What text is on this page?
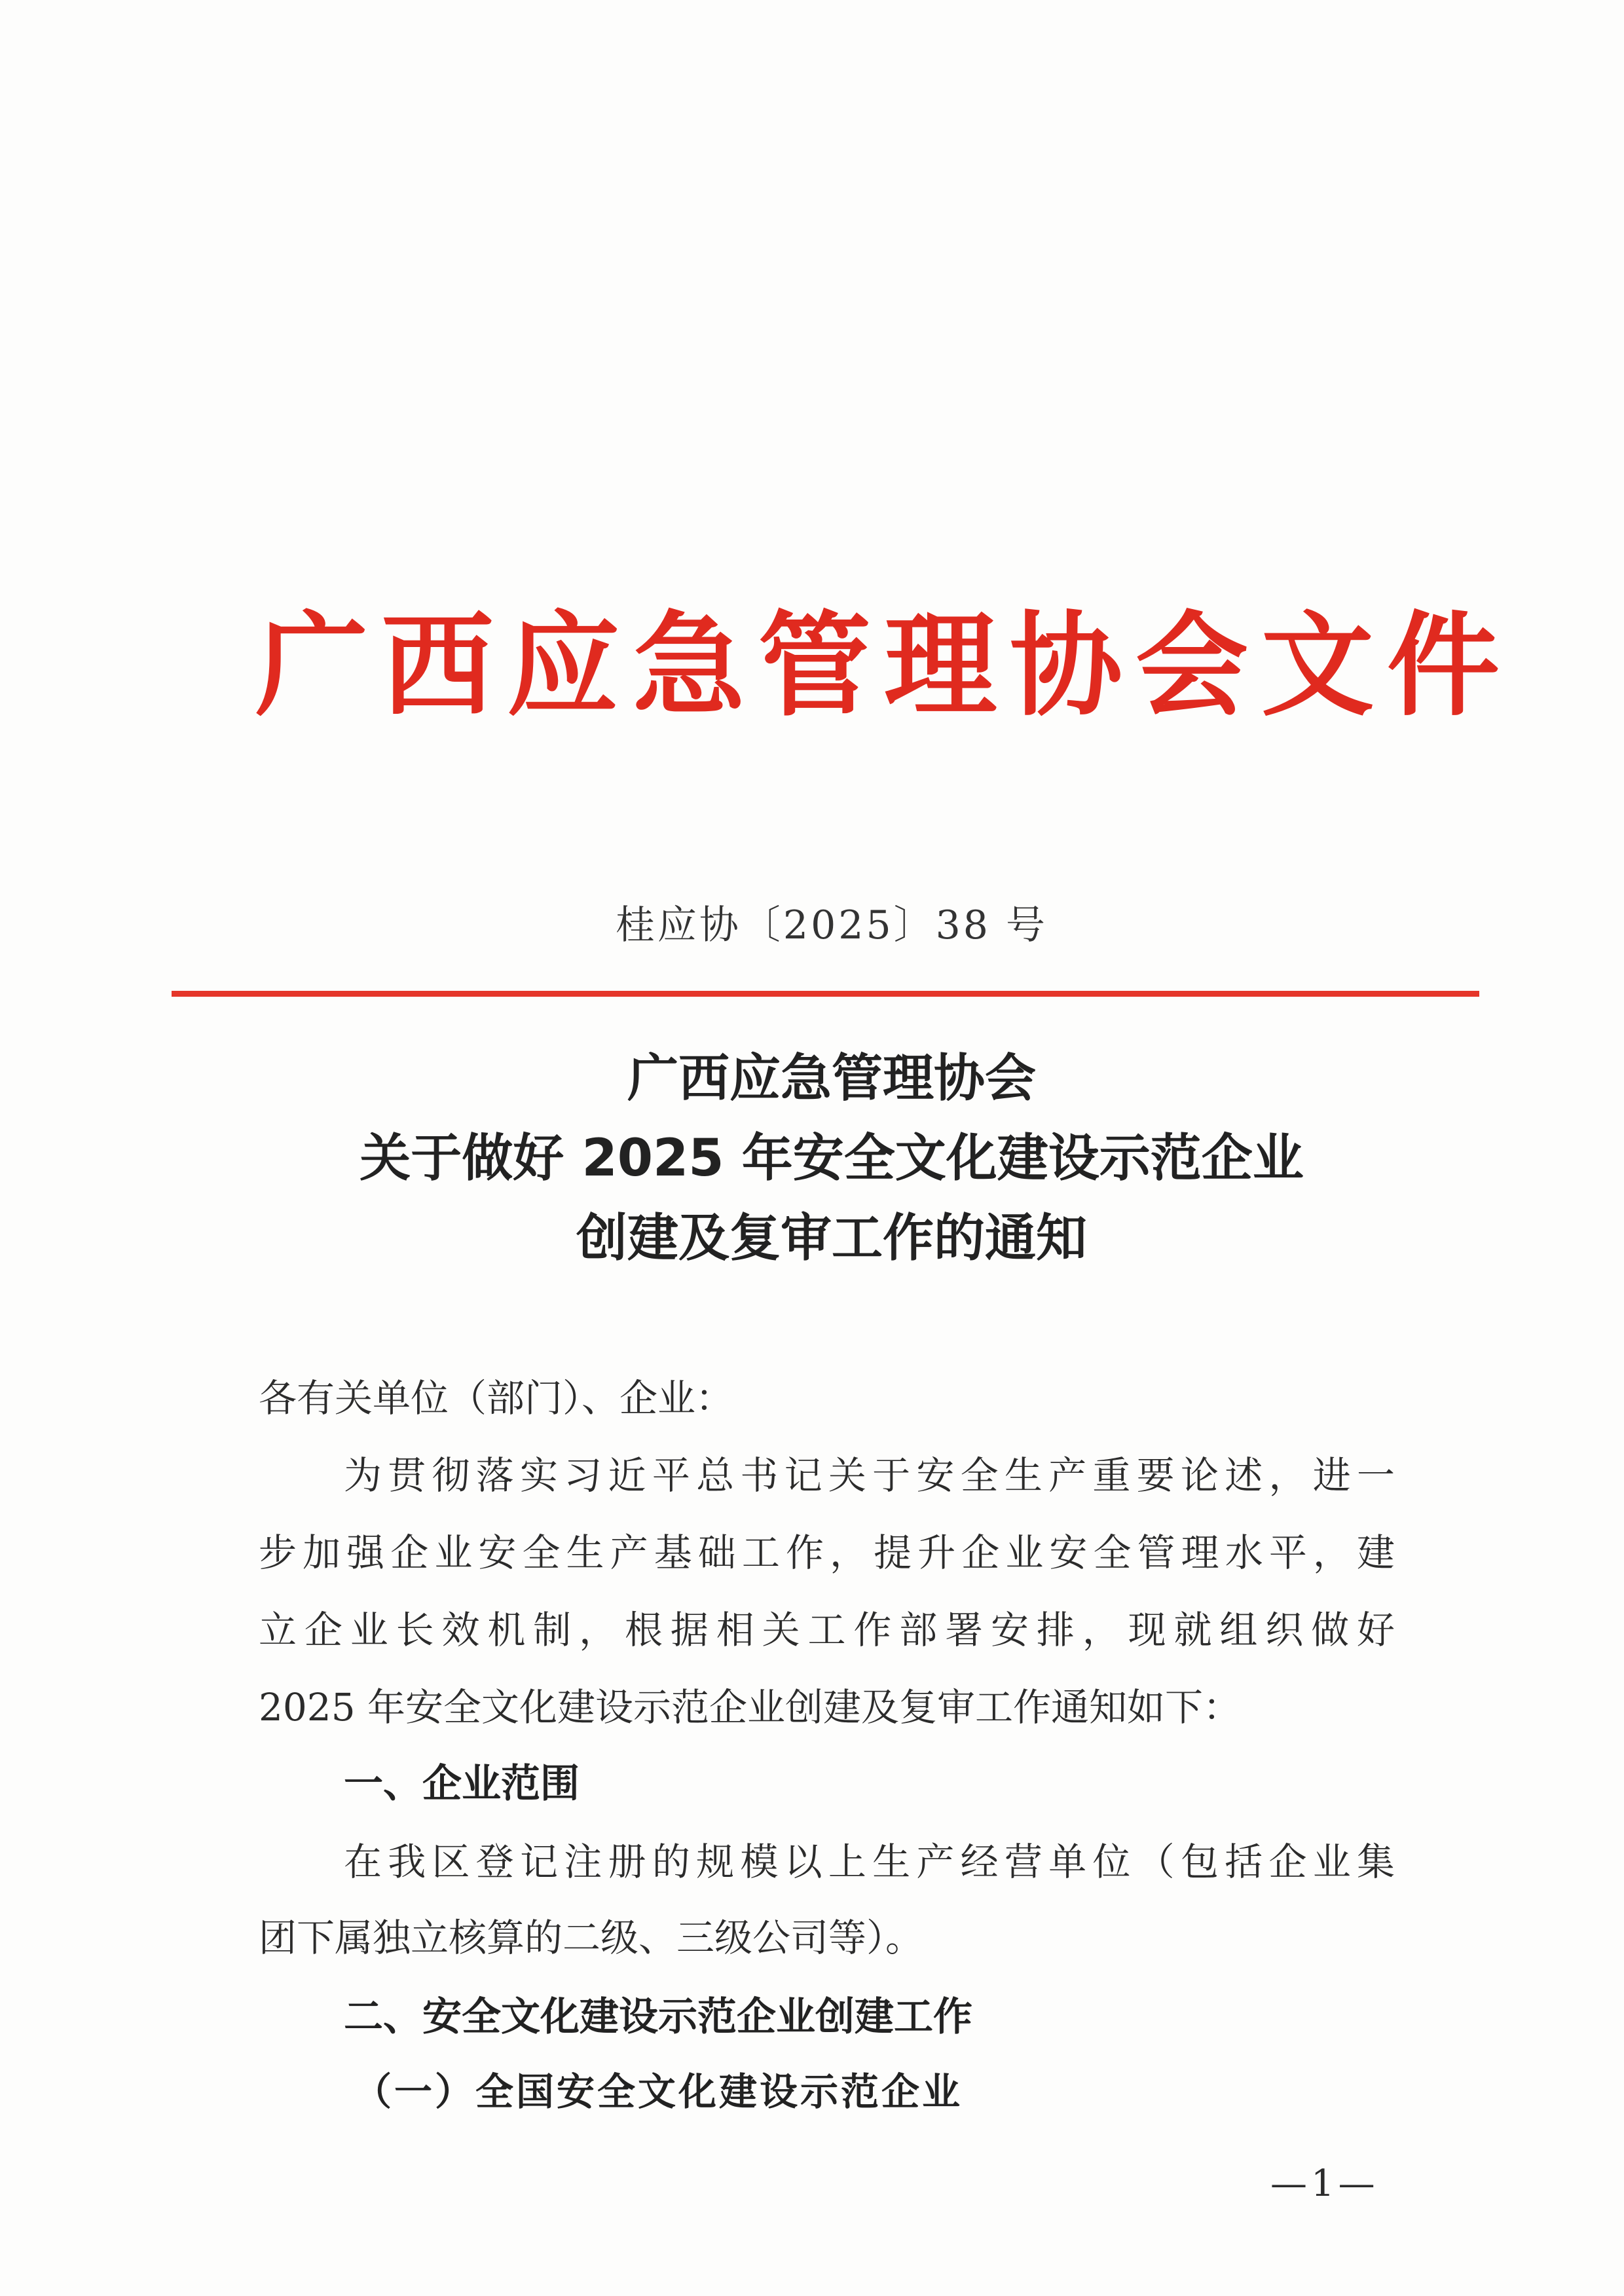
广西应急管理协会文件
桂应协〔2025〕38 号
广西应急管理协会
关于做好 2025 年安全文化建设示范企业
创建及复审工作的通知
各有关单位（部门）、企业：
为贯彻落实习近平总书记关于安全生产重要论述，进一
步加强企业安全生产基础工作，提升企业安全管理水平，建
立企业长效机制，根据相关工作部署安排，现就组织做好
2025 年安全文化建设示范企业创建及复审工作通知如下：
一、企业范围
在我区登记注册的规模以上生产经营单位（包括企业集
团下属独立核算的二级、三级公司等）。
二、安全文化建设示范企业创建工作
（一）全国安全文化建设示范企业
—1—
